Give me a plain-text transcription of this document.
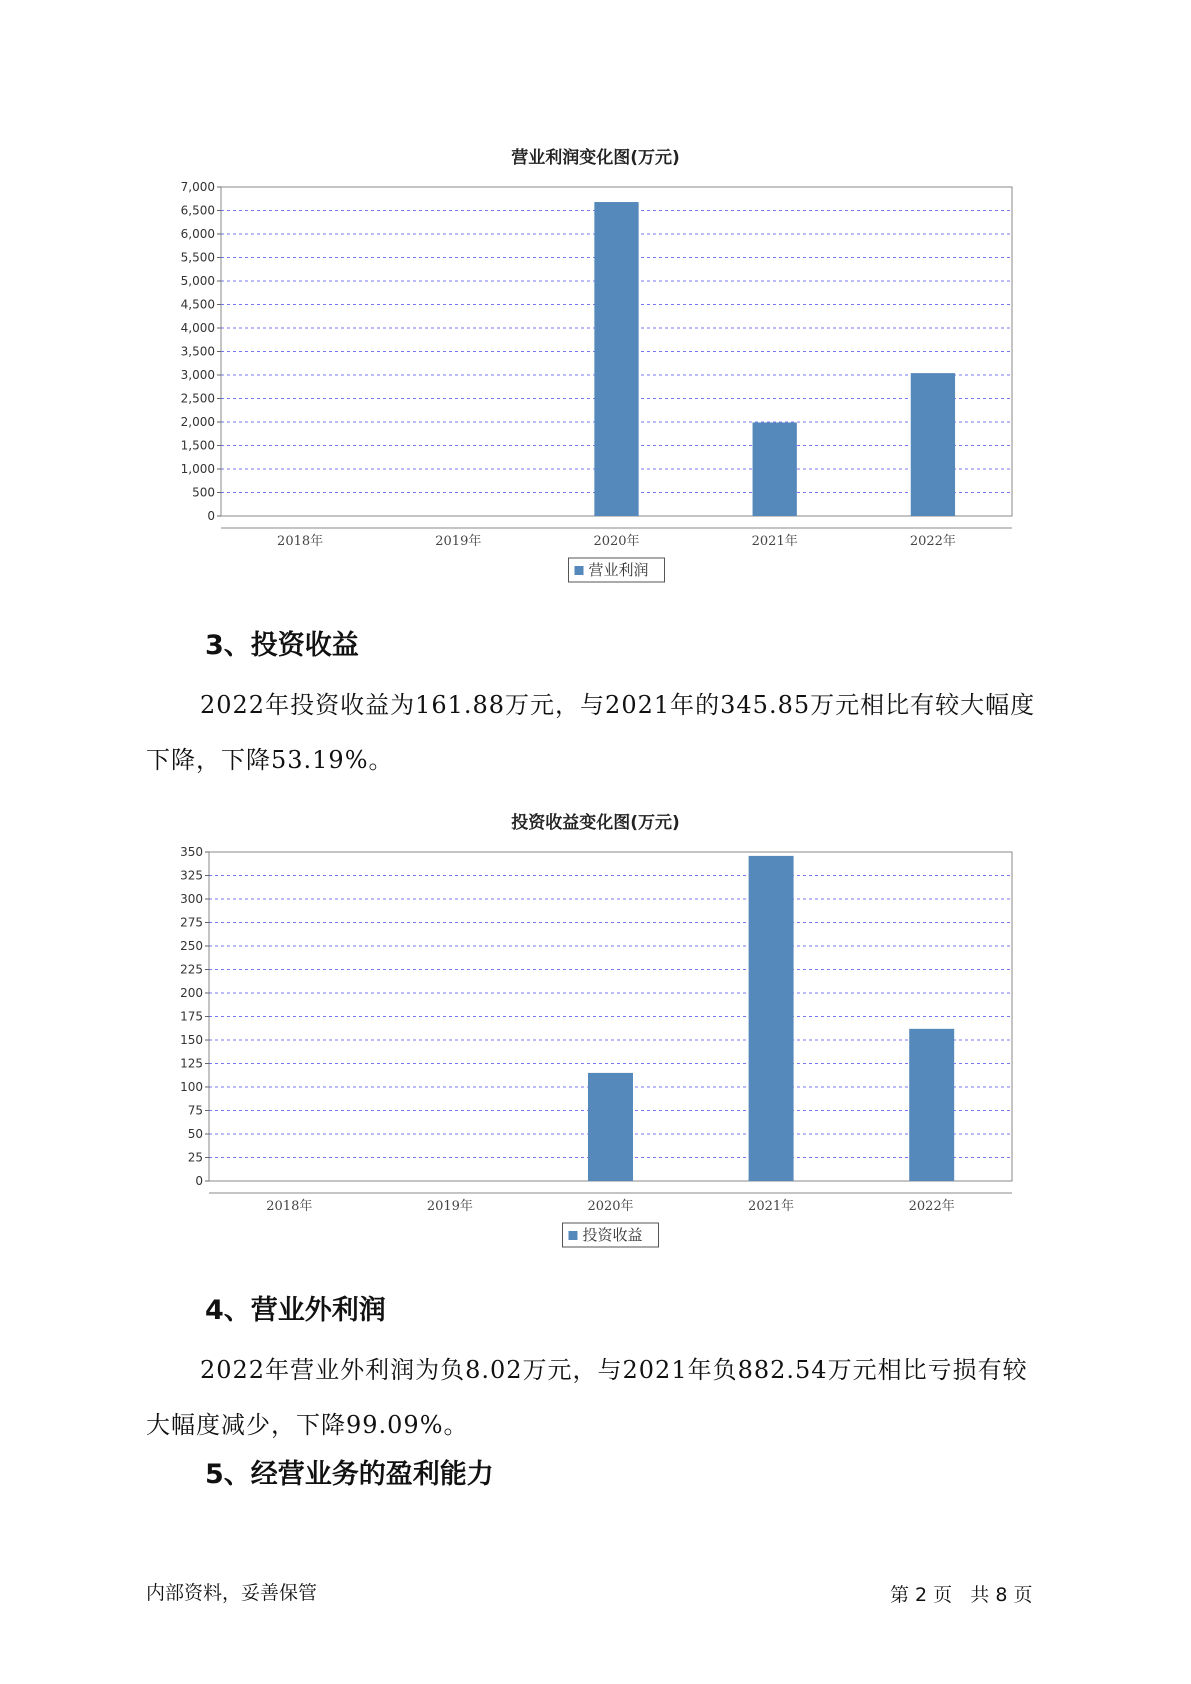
营业利润变化图(万元)
0
500
1,000
1,500
2,000
2,500
3,000
3,500
4,000
4,500
5,000
5,500
6,000
6,500
7,000
2018年	2019年	2020年	2021年	2022年
营业利润
3、投资收益
2022年投资收益为161.88万元，与2021年的345.85万元相比有较大幅度下降，下降53.19%。
投资收益变化图(万元)
0
25
50
75
100
125
150
175
200
225
250
275
300
325
350
2018年	2019年	2020年	2021年	2022年
投资收益
4、营业外利润
2022年营业外利润为负8.02万元，与2021年负882.54万元相比亏损有较大幅度减少，下降99.09%。
5、经营业务的盈利能力
内部资料，妥善保管	第 2 页   共 8 页
